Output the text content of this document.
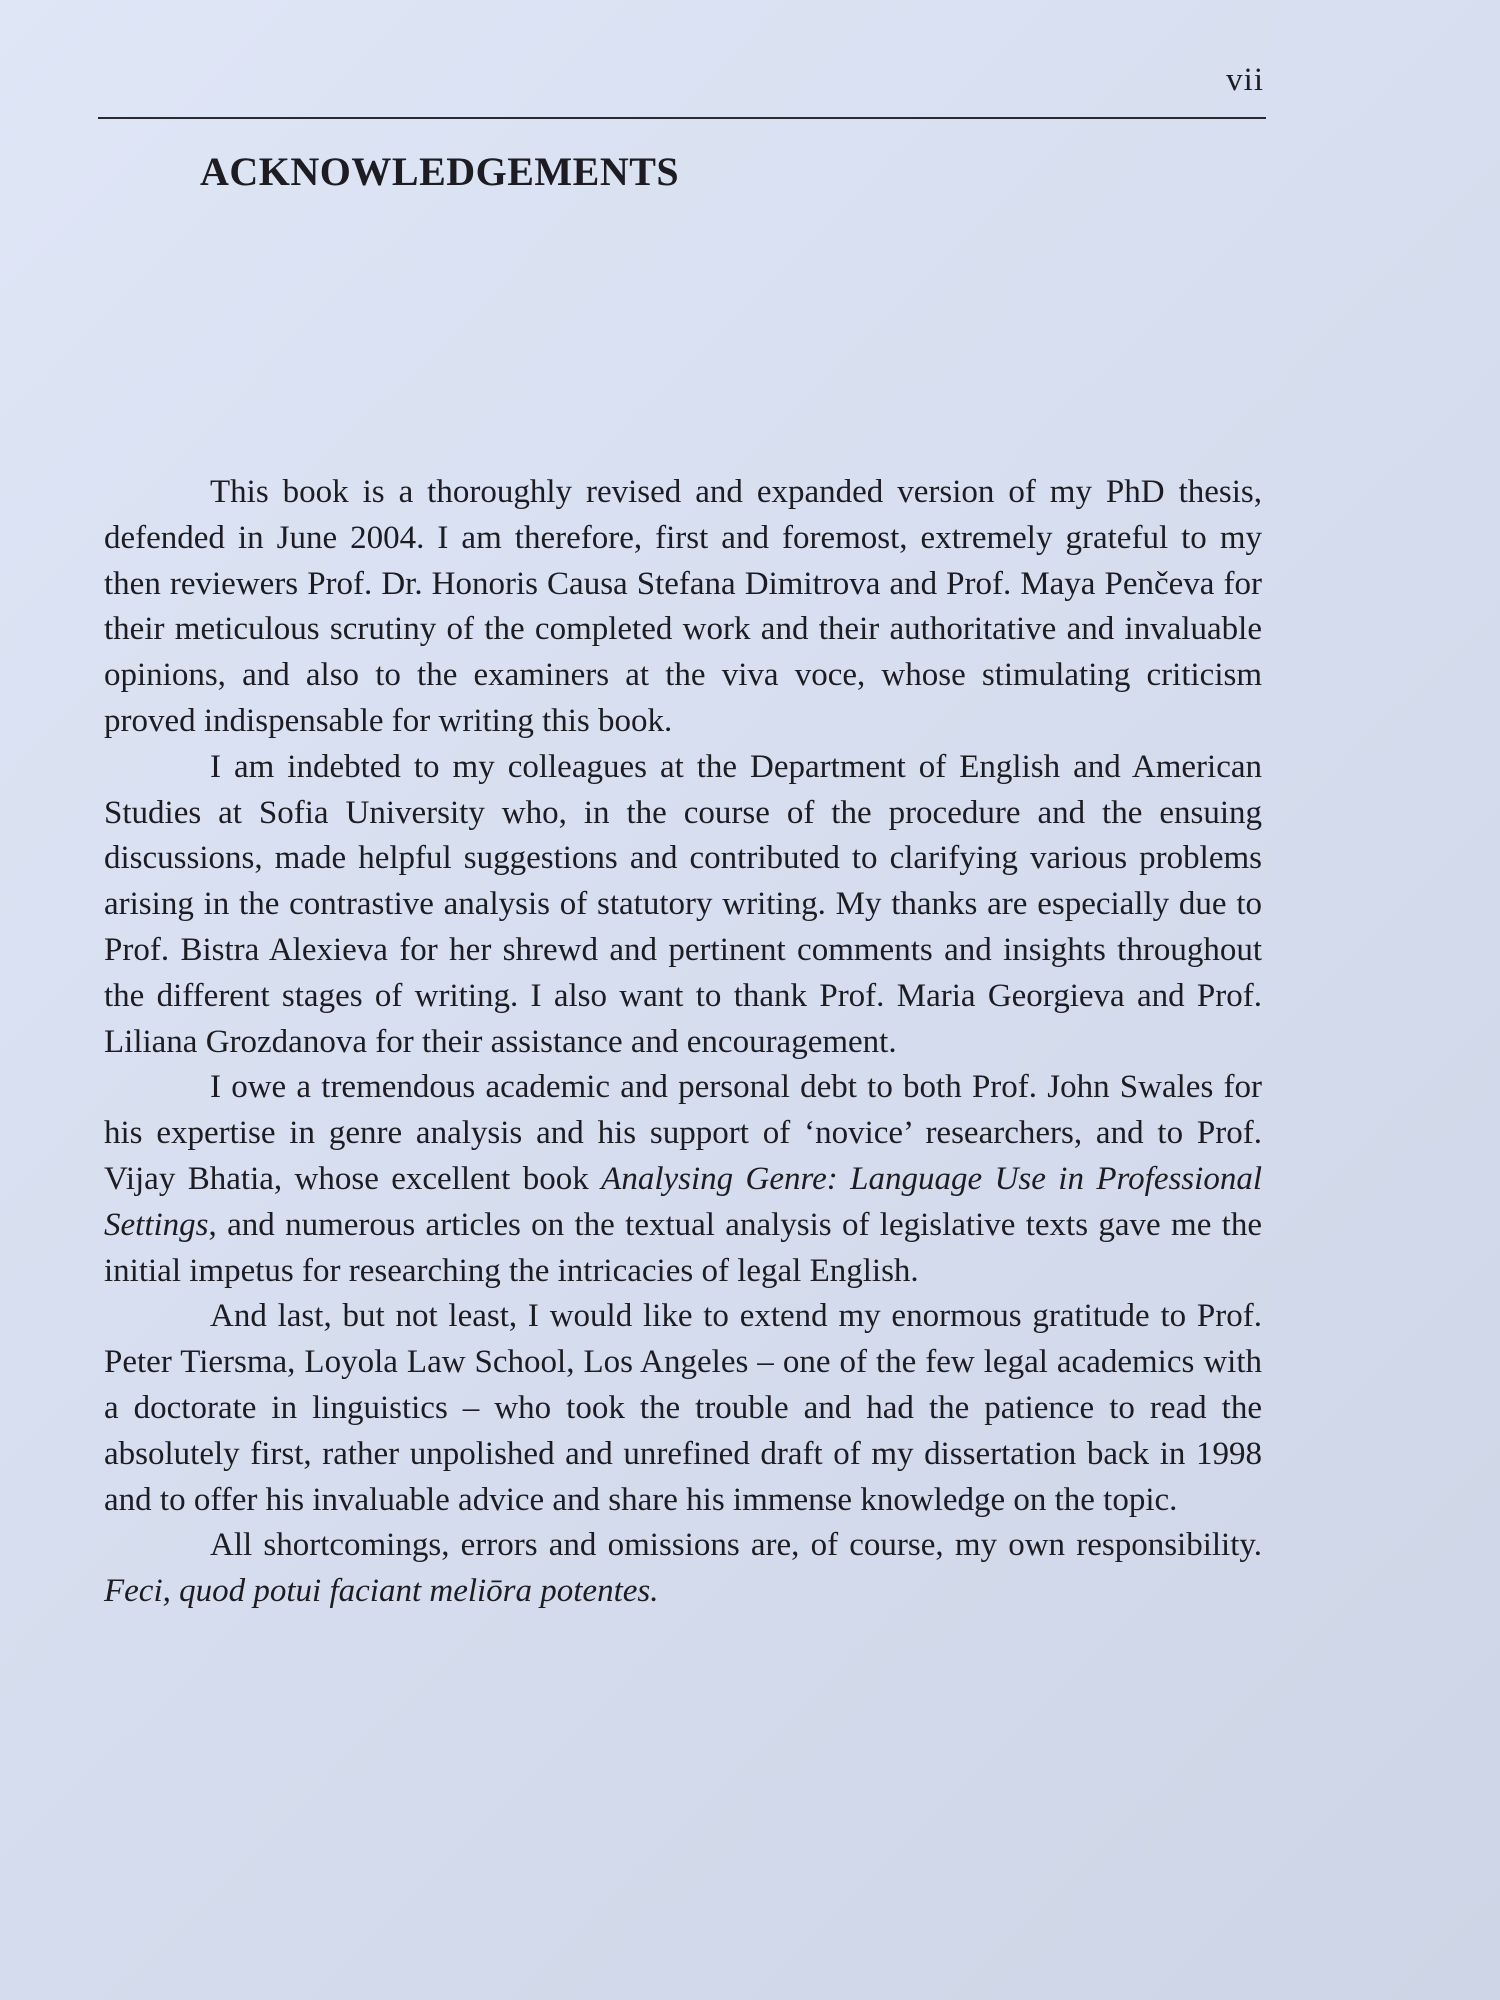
vii
ACKNOWLEDGEMENTS

This book is a thoroughly revised and expanded version of my PhD thesis, defended in June 2004. I am therefore, first and foremost, extremely grateful to my then reviewers Prof. Dr. Honoris Causa Stefana Dimitrova and Prof. Maya Penčeva for their meticulous scrutiny of the completed work and their authoritative and invaluable opinions, and also to the examiners at the viva voce, whose stimulating criticism proved indispensable for writing this book.

I am indebted to my colleagues at the Department of English and American Studies at Sofia University who, in the course of the procedure and the ensuing discussions, made helpful suggestions and contributed to clarifying various problems arising in the contrastive analysis of statutory writing. My thanks are especially due to Prof. Bistra Alexieva for her shrewd and pertinent comments and insights throughout the different stages of writing. I also want to thank Prof. Maria Georgieva and Prof. Liliana Grozdanova for their assistance and encouragement.

I owe a tremendous academic and personal debt to both Prof. John Swales for his expertise in genre analysis and his support of ‘novice’ researchers, and to Prof. Vijay Bhatia, whose excellent book Analysing Genre: Language Use in Professional Settings, and numerous articles on the textual analysis of legislative texts gave me the initial impetus for researching the intricacies of legal English.

And last, but not least, I would like to extend my enormous gratitude to Prof. Peter Tiersma, Loyola Law School, Los Angeles – one of the few legal academics with a doctorate in linguistics – who took the trouble and had the patience to read the absolutely first, rather unpolished and unrefined draft of my dissertation back in 1998 and to offer his invaluable advice and share his immense knowledge on the topic.

All shortcomings, errors and omissions are, of course, my own responsibility. Feci, quod potui faciant meliōra potentes.
